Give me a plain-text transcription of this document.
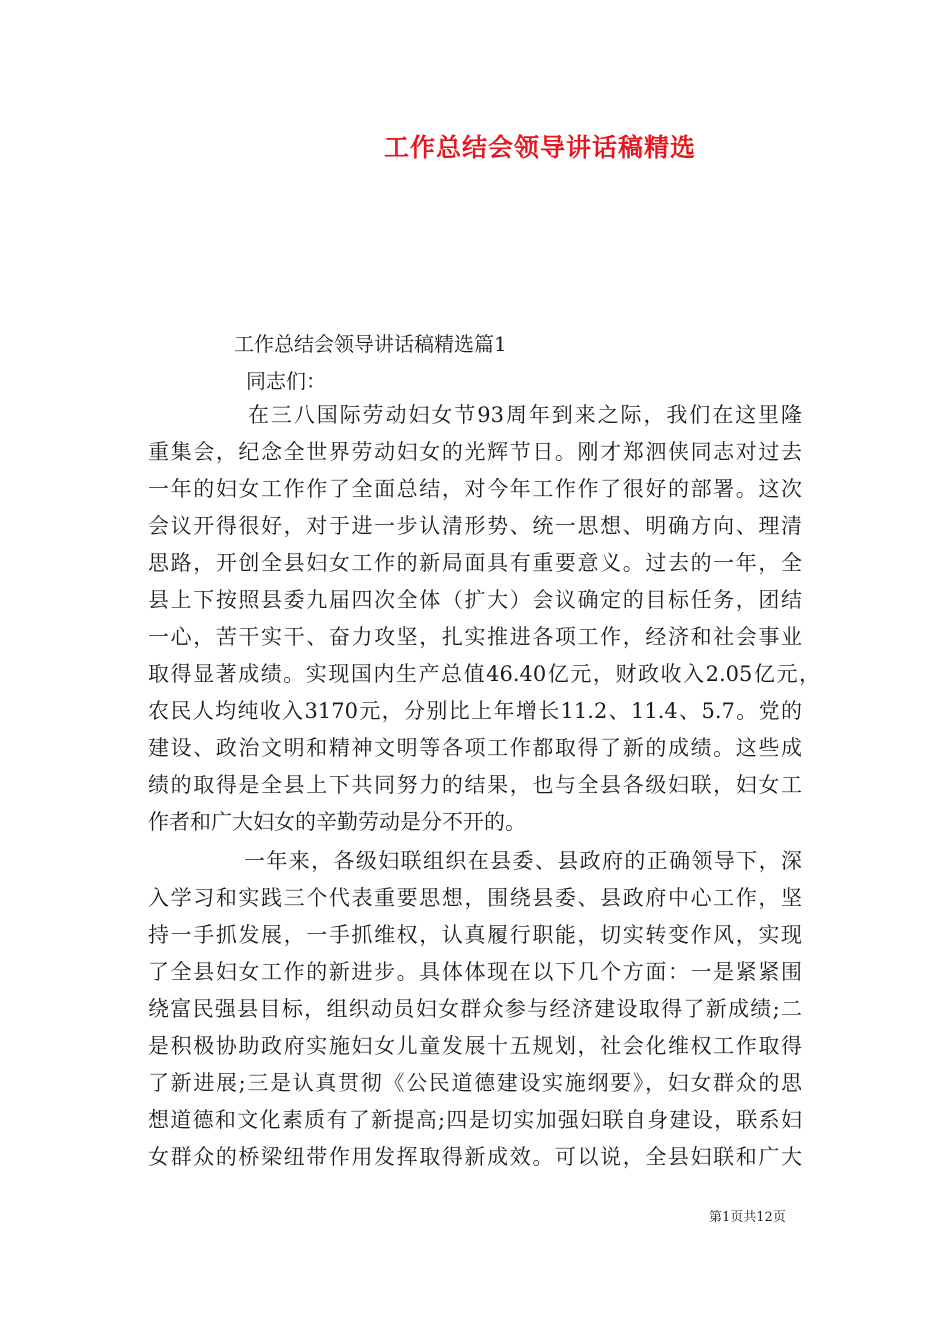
工作总结会领导讲话稿精选
工作总结会领导讲话稿精选篇1
同志们：
在三八国际劳动妇女节93周年到来之际，我们在这里隆
重集会，纪念全世界劳动妇女的光辉节日。刚才郑泗侠同志对过去
一年的妇女工作作了全面总结，对今年工作作了很好的部署。这次
会议开得很好，对于进一步认清形势、统一思想、明确方向、理清
思路，开创全县妇女工作的新局面具有重要意义。过去的一年，全
县上下按照县委九届四次全体（扩大）会议确定的目标任务，团结
一心，苦干实干、奋力攻坚，扎实推进各项工作，经济和社会事业
取得显著成绩。实现国内生产总值46.40亿元，财政收入2.05亿元，
农民人均纯收入3170元，分别比上年增长11.2、11.4、5.7。党的
建设、政治文明和精神文明等各项工作都取得了新的成绩。这些成
绩的取得是全县上下共同努力的结果，也与全县各级妇联，妇女工
作者和广大妇女的辛勤劳动是分不开的。
一年来，各级妇联组织在县委、县政府的正确领导下，深
入学习和实践三个代表重要思想，围绕县委、县政府中心工作，坚
持一手抓发展，一手抓维权，认真履行职能，切实转变作风，实现
了全县妇女工作的新进步。具体体现在以下几个方面：一是紧紧围
绕富民强县目标，组织动员妇女群众参与经济建设取得了新成绩;二
是积极协助政府实施妇女儿童发展十五规划，社会化维权工作取得
了新进展;三是认真贯彻《公民道德建设实施纲要》，妇女群众的思
想道德和文化素质有了新提高;四是切实加强妇联自身建设，联系妇
女群众的桥梁纽带作用发挥取得新成效。可以说，全县妇联和广大
第1页共12页
